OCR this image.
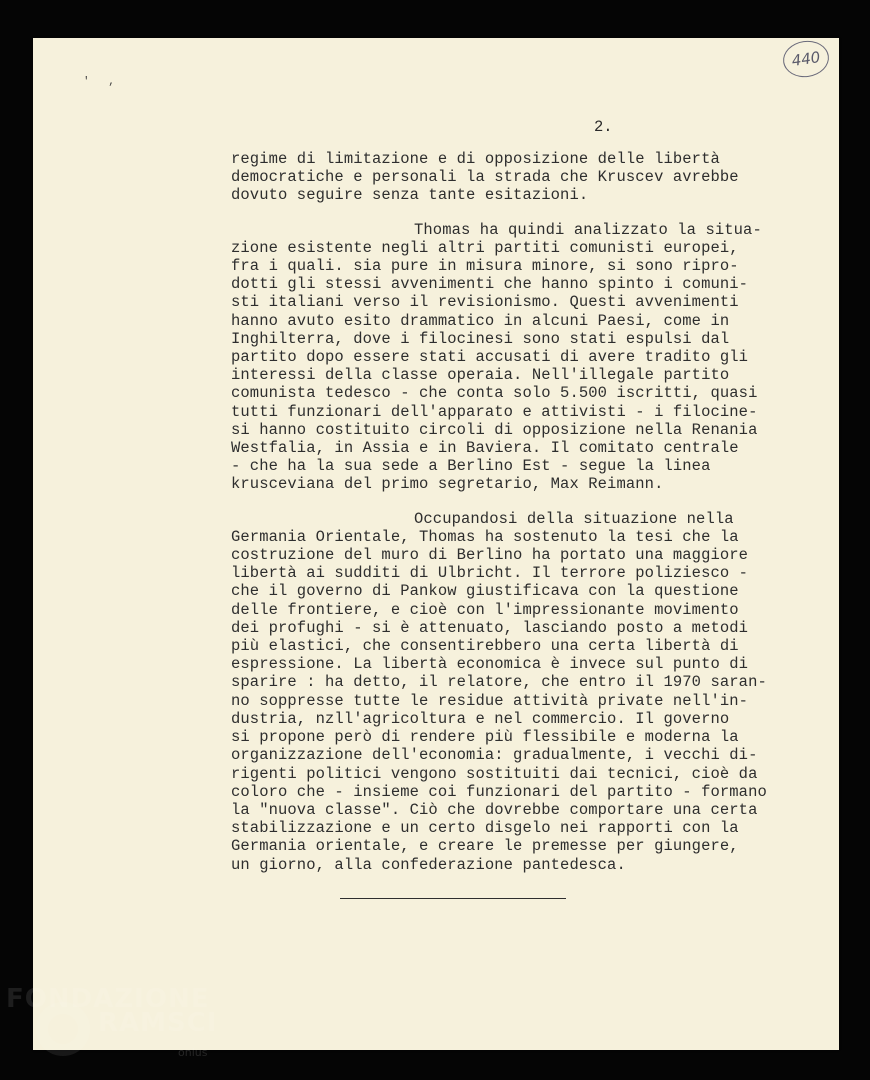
440
' ,
2.

regime di limitazione e di opposizione delle libertà
democratiche e personali la strada che Kruscev avrebbe
dovuto seguire senza tante esitazioni.

Thomas ha quindi analizzato la situa-
zione esistente negli altri partiti comunisti europei,
fra i quali. sia pure in misura minore, si sono ripro-
dotti gli stessi avvenimenti che hanno spinto i comuni-
sti italiani verso il revisionismo. Questi avvenimenti
hanno avuto esito drammatico in alcuni Paesi, come in
Inghilterra, dove i filocinesi sono stati espulsi dal
partito dopo essere stati accusati di avere tradito gli
interessi della classe operaia. Nell'illegale partito
comunista tedesco - che conta solo 5.500 iscritti, quasi
tutti funzionari dell'apparato e attivisti - i filocine-
si hanno costituito circoli di opposizione nella Renania
Westfalia, in Assia e in Baviera. Il comitato centrale
- che ha la sua sede a Berlino Est - segue la linea
krusceviana del primo segretario, Max Reimann.

Occupandosi della situazione nella
Germania Orientale, Thomas ha sostenuto la tesi che la
costruzione del muro di Berlino ha portato una maggiore
libertà ai sudditi di Ulbricht. Il terrore poliziesco -
che il governo di Pankow giustificava con la questione
delle frontiere, e cioè con l'impressionante movimento
dei profughi - si è attenuato, lasciando posto a metodi
più elastici, che consentirebbero una certa libertà di
espressione. La libertà economica è invece sul punto di
sparire : ha detto, il relatore, che entro il 1970 saran-
no soppresse tutte le residue attività private nell'in-
dustria, nzll'agricoltura e nel commercio. Il governo
si propone però di rendere più flessibile e moderna la
organizzazione dell'economia: gradualmente, i vecchi di-
rigenti politici vengono sostituiti dai tecnici, cioè da
coloro che - insieme coi funzionari del partito - formano
la "nuova classe". Ciò che dovrebbe comportare una certa
stabilizzazione e un certo disgelo nei rapporti con la
Germania orientale, e creare le premesse per giungere,
un giorno, alla confederazione pantedesca.

FONDAZIONE
RAMSCI
onlus
